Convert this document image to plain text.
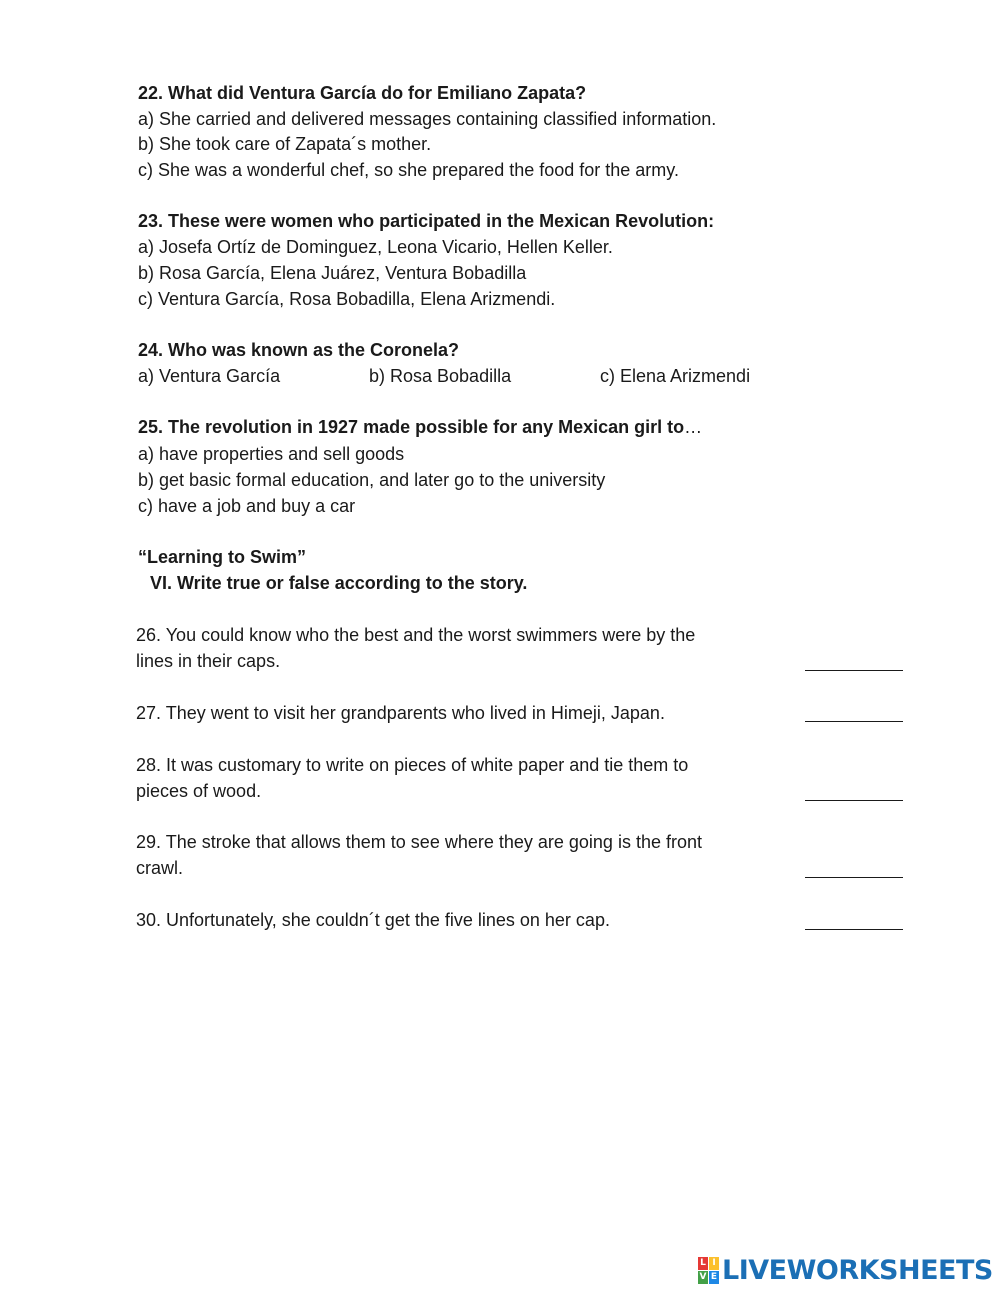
22. What did Ventura García do for Emiliano Zapata?
a) She carried and delivered messages containing classified information.
b) She took care of Zapata´s mother.
c) She was a wonderful chef, so she prepared the food for the army.
23. These were women who participated in the Mexican Revolution:
a) Josefa Ortíz de Dominguez, Leona Vicario, Hellen Keller.
b) Rosa García, Elena Juárez, Ventura Bobadilla
c) Ventura García, Rosa Bobadilla, Elena Arizmendi.
24. Who was known as the Coronela?
a) Ventura García	b) Rosa Bobadilla	c) Elena Arizmendi
25. The revolution in 1927 made possible for any Mexican girl to…
a) have properties and sell goods
b) get basic formal education, and later go to the university
c) have a job and buy a car
“Learning to Swim”
VI. Write true or false according to the story.
26. You could know who the best and the worst swimmers were by the
lines in their caps.
27. They went to visit her grandparents who lived in Himeji, Japan.
28. It was customary to write on pieces of white paper and tie them to
pieces of wood.
29. The stroke that allows them to see where they are going is the front
crawl.
30. Unfortunately, she couldn´t get the five lines on her cap.
L I
V E LIVEWORKSHEETS
